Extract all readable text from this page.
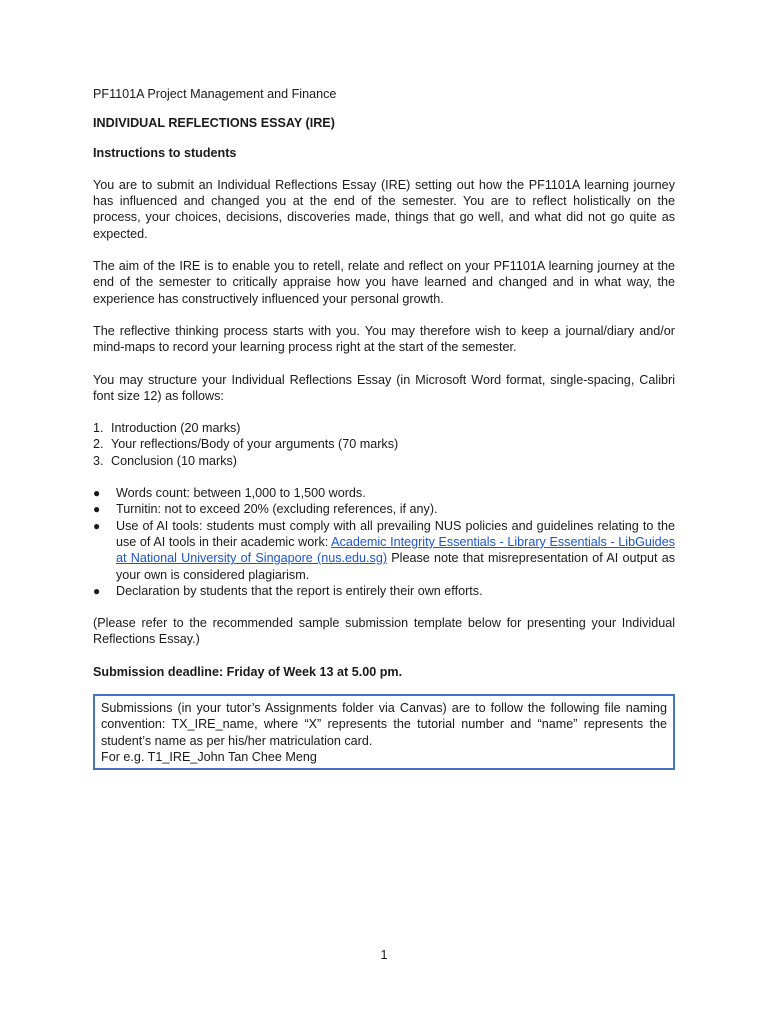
PF1101A Project Management and Finance

INDIVIDUAL REFLECTIONS ESSAY (IRE)

Instructions to students

You are to submit an Individual Reflections Essay (IRE) setting out how the PF1101A learning journey has influenced and changed you at the end of the semester. You are to reflect holistically on the process, your choices, decisions, discoveries made, things that go well, and what did not go quite as expected.

The aim of the IRE is to enable you to retell, relate and reflect on your PF1101A learning journey at the end of the semester to critically appraise how you have learned and changed and in what way, the experience has constructively influenced your personal growth.

The reflective thinking process starts with you. You may therefore wish to keep a journal/diary and/or mind-maps to record your learning process right at the start of the semester.

You may structure your Individual Reflections Essay (in Microsoft Word format, single-spacing, Calibri font size 12) as follows:

1. Introduction (20 marks)
2. Your reflections/Body of your arguments (70 marks)
3. Conclusion (10 marks)
● Words count: between 1,000 to 1,500 words.
● Turnitin: not to exceed 20% (excluding references, if any).
● Use of AI tools: students must comply with all prevailing NUS policies and guidelines relating to the use of AI tools in their academic work: Academic Integrity Essentials - Library Essentials - LibGuides at National University of Singapore (nus.edu.sg) Please note that misrepresentation of AI output as your own is considered plagiarism.
● Declaration by students that the report is entirely their own efforts.

(Please refer to the recommended sample submission template below for presenting your Individual Reflections Essay.)

Submission deadline: Friday of Week 13 at 5.00 pm.

Submissions (in your tutor’s Assignments folder via Canvas) are to follow the following file naming convention: TX_IRE_name, where “X” represents the tutorial number and “name” represents the student’s name as per his/her matriculation card.

For e.g. T1_IRE_John Tan Chee Meng

1
